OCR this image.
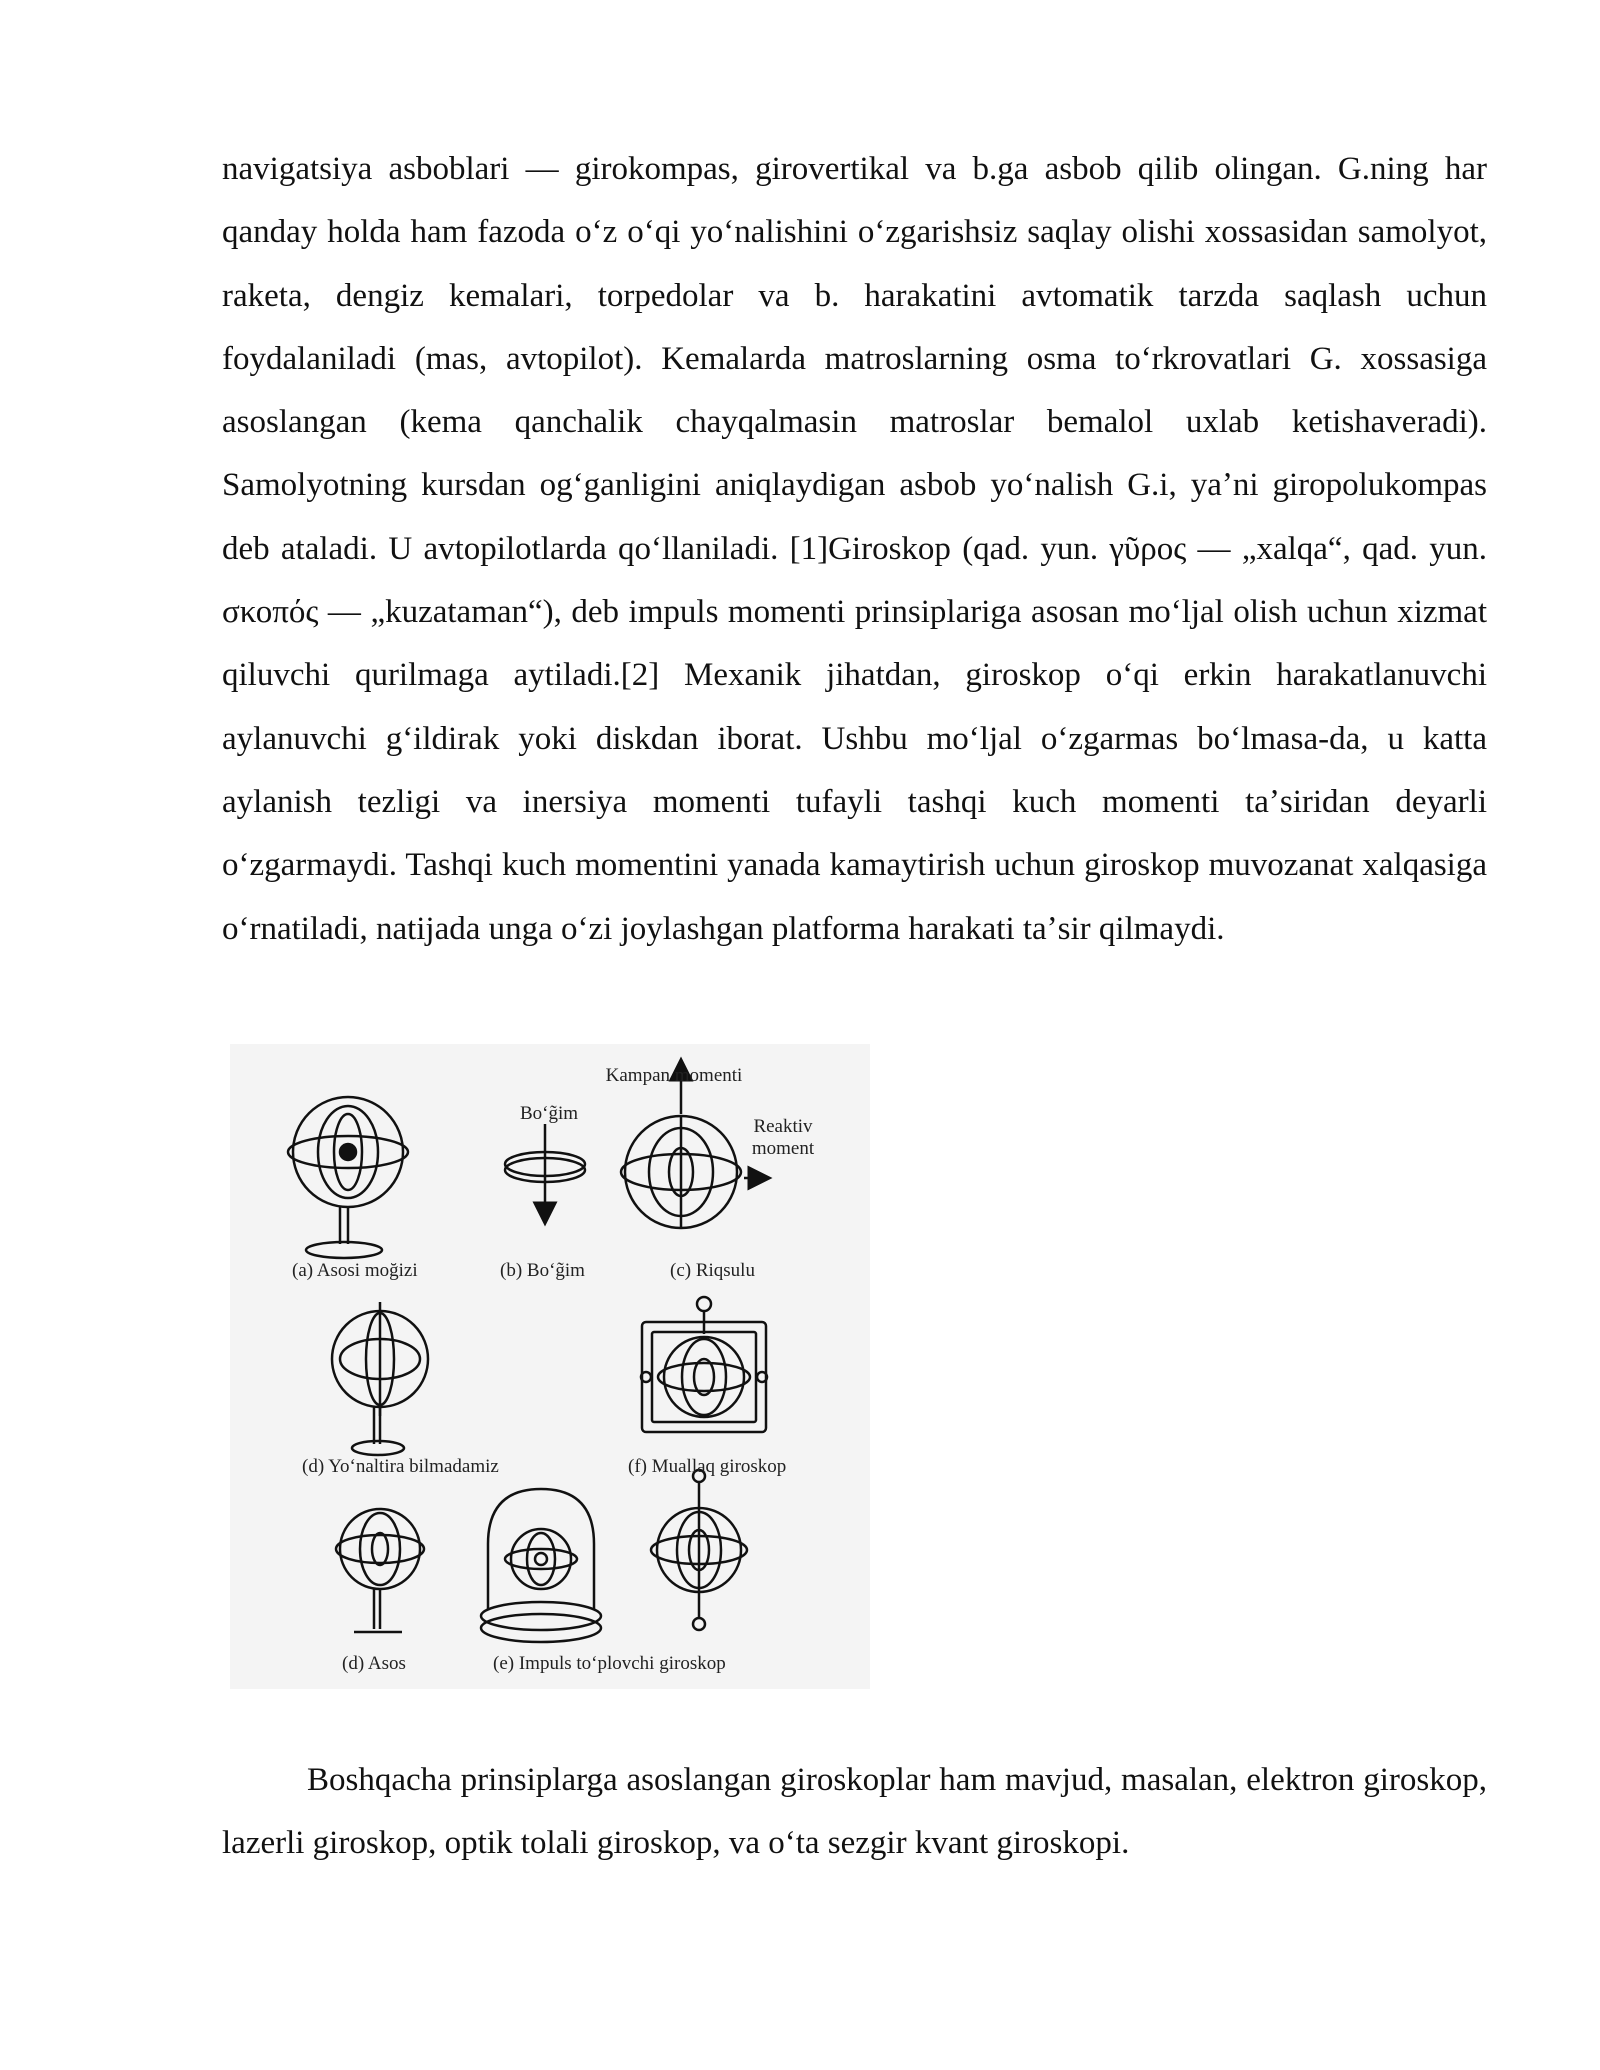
navigatsiya asboblari — girokompas, girovertikal va b.ga asbob qilib olingan. G.ning har qanday holda ham fazoda oʻz oʻqi yoʻnalishini oʻzgarishsiz saqlay olishi xossasidan samolyot, raketa, dengiz kemalari, torpedolar va b. harakatini avtomatik tarzda saqlash uchun foydalaniladi (mas, avtopilot). Kemalarda matroslarning osma toʻrkrovatlari G. xossasiga asoslangan (kema qanchalik chayqalmasin matroslar bemalol uxlab ketishaveradi). Samolyotning kursdan ogʻganligini aniqlaydigan asbob yoʻnalish G.i, yaʼni giropolukompas deb ataladi. U avtopilotlarda qoʻllaniladi. [1]Giroskop (qad. yun. γῦρος — „xalqa“, qad. yun. σκοπός — „kuzataman“), deb impuls momenti prinsiplariga asosan moʻljal olish uchun xizmat qiluvchi qurilmaga aytiladi.[2] Mexanik jihatdan, giroskop oʻqi erkin harakatlanuvchi aylanuvchi gʻildirak yoki diskdan iborat. Ushbu moʻljal oʻzgarmas boʻlmasa-da, u katta aylanish tezligi va inersiya momenti tufayli tashqi kuch momenti taʼsiridan deyarli oʻzgarmaydi. Tashqi kuch momentini yanada kamaytirish uchun giroskop muvozanat xalqasiga oʻrnatiladi, natijada unga oʻzi joylashgan platforma harakati taʼsir qilmaydi.

Kampan momenti
Boʻg̃im
Reaktiv
moment
(a) Asosi moğizi	(b) Boʻg̃im	(c) Riqsulu
(d) Yoʻnaltira bilmadamiz	(f) Muallaq giroskop
(d) Asos	(e) Impuls toʻplovchi giroskop

Boshqacha prinsiplarga asoslangan giroskoplar ham mavjud, masalan, elektron giroskop, lazerli giroskop, optik tolali giroskop, va oʻta sezgir kvant giroskopi.
